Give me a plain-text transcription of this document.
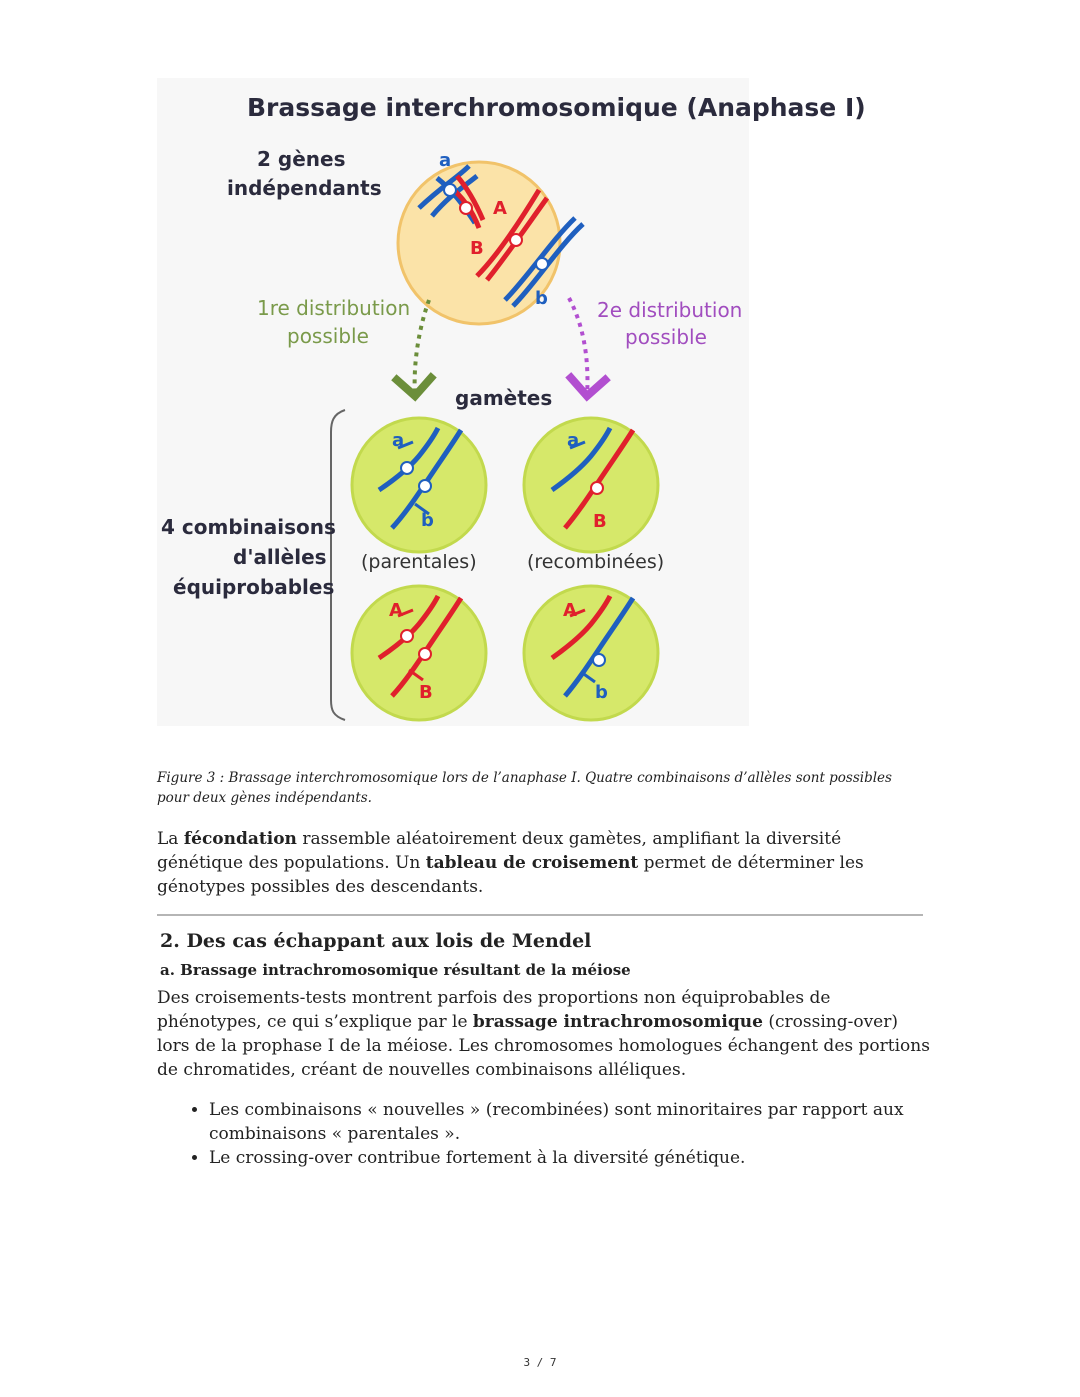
Brassage interchromosomique (Anaphase I)
2 gènes
indépendants
a
A
B
b
1re distribution
possible
2e distribution
possible
gamètes
4 combinaisons
d'allèles
équiprobables
a
b
a
B
(parentales)	(recombinées)
A
B
A
b
Figure 3 : Brassage interchromosomique lors de l’anaphase I. Quatre combinaisons d’allèles sont possibles pour deux gènes indépendants.

La fécondation rassemble aléatoirement deux gamètes, amplifiant la diversité génétique des populations. Un tableau de croisement permet de déterminer les génotypes possibles des descendants.

2. Des cas échappant aux lois de Mendel
a. Brassage intrachromosomique résultant de la méiose

Des croisements-tests montrent parfois des proportions non équiprobables de phénotypes, ce qui s’explique par le brassage intrachromosomique (crossing-over) lors de la prophase I de la méiose. Les chromosomes homologues échangent des portions de chromatides, créant de nouvelles combinaisons alléliques.

• Les combinaisons « nouvelles » (recombinées) sont minoritaires par rapport aux combinaisons « parentales ».
• Le crossing-over contribue fortement à la diversité génétique.
3 / 7
